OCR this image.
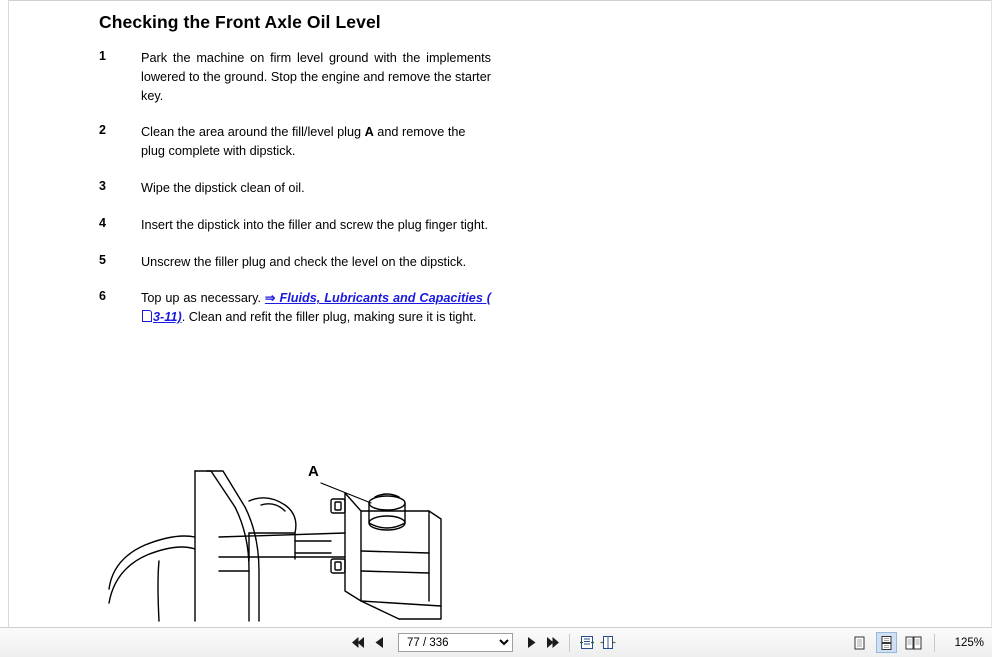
Checking the Front Axle Oil Level
1	Park the machine on firm level ground with the implements lowered to the ground. Stop the engine and remove the starter key.
2	Clean the area around the fill/level plug A and remove the plug complete with dipstick.
3	Wipe the dipstick clean of oil.
4	Insert the dipstick into the filler and screw the plug finger tight.
5	Unscrew the filler plug and check the level on the dipstick.
6	Top up as necessary. ⇒ Fluids, Lubricants and Capacities (3-11). Clean and refit the filler plug, making sure it is tight.
A
77 / 336
125%
